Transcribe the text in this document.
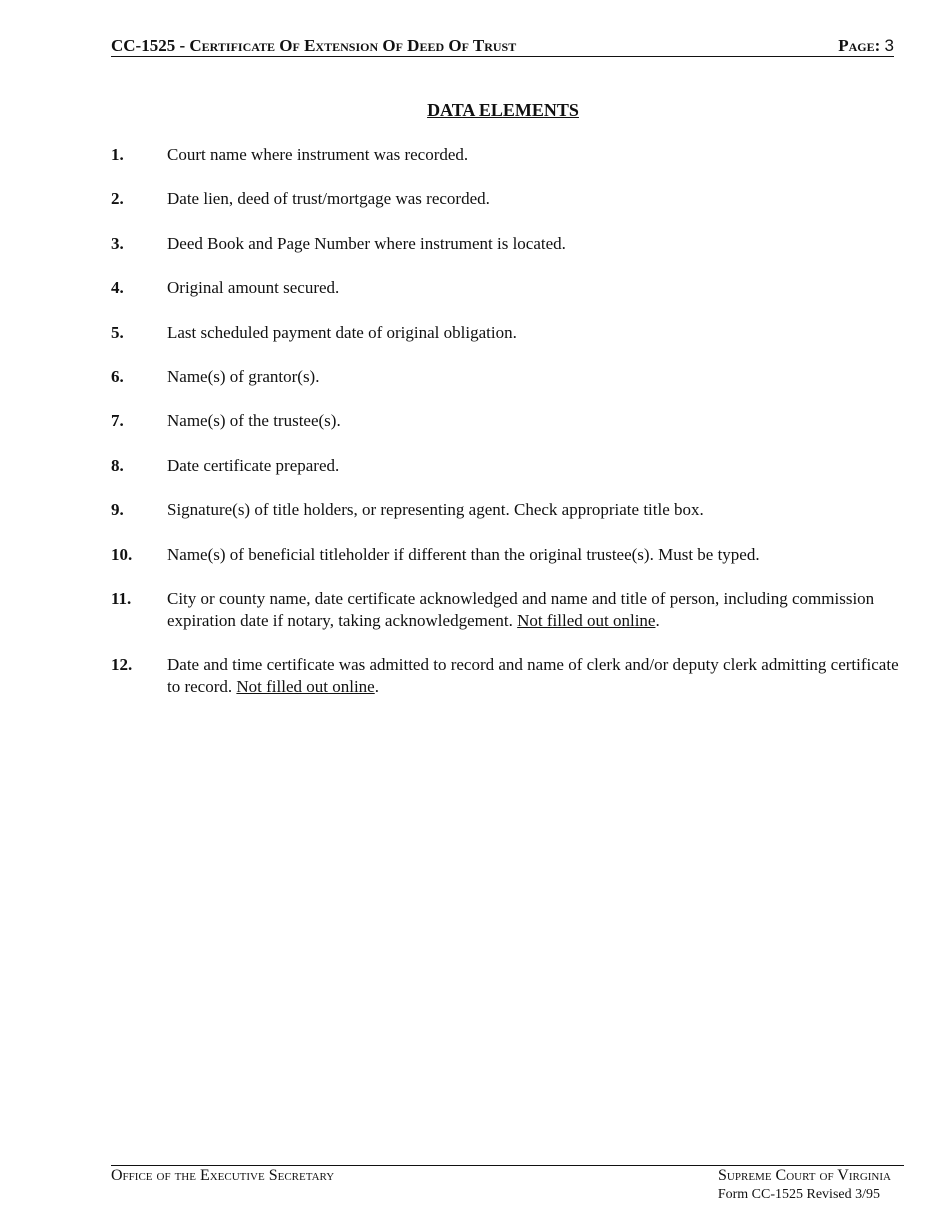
CC-1525 - Certificate Of Extension Of Deed Of Trust	Page: 3
DATA ELEMENTS
1.	Court name where instrument was recorded.
2.	Date lien, deed of trust/mortgage was recorded.
3.	Deed Book and Page Number where instrument is located.
4.	Original amount secured.
5.	Last scheduled payment date of original obligation.
6.	Name(s) of grantor(s).
7.	Name(s) of the trustee(s).
8.	Date certificate prepared.
9.	Signature(s) of title holders, or representing agent. Check appropriate title box.
10. Name(s) of beneficial titleholder if different than the original trustee(s). Must be typed.
11. City or county name, date certificate acknowledged and name and title of person, including commission expiration date if notary, taking acknowledgement. Not filled out online.
12. Date and time certificate was admitted to record and name of clerk and/or deputy clerk admitting certificate to record. Not filled out online.
Office of the Executive Secretary	Supreme Court of Virginia
Form CC-1525 Revised 3/95
